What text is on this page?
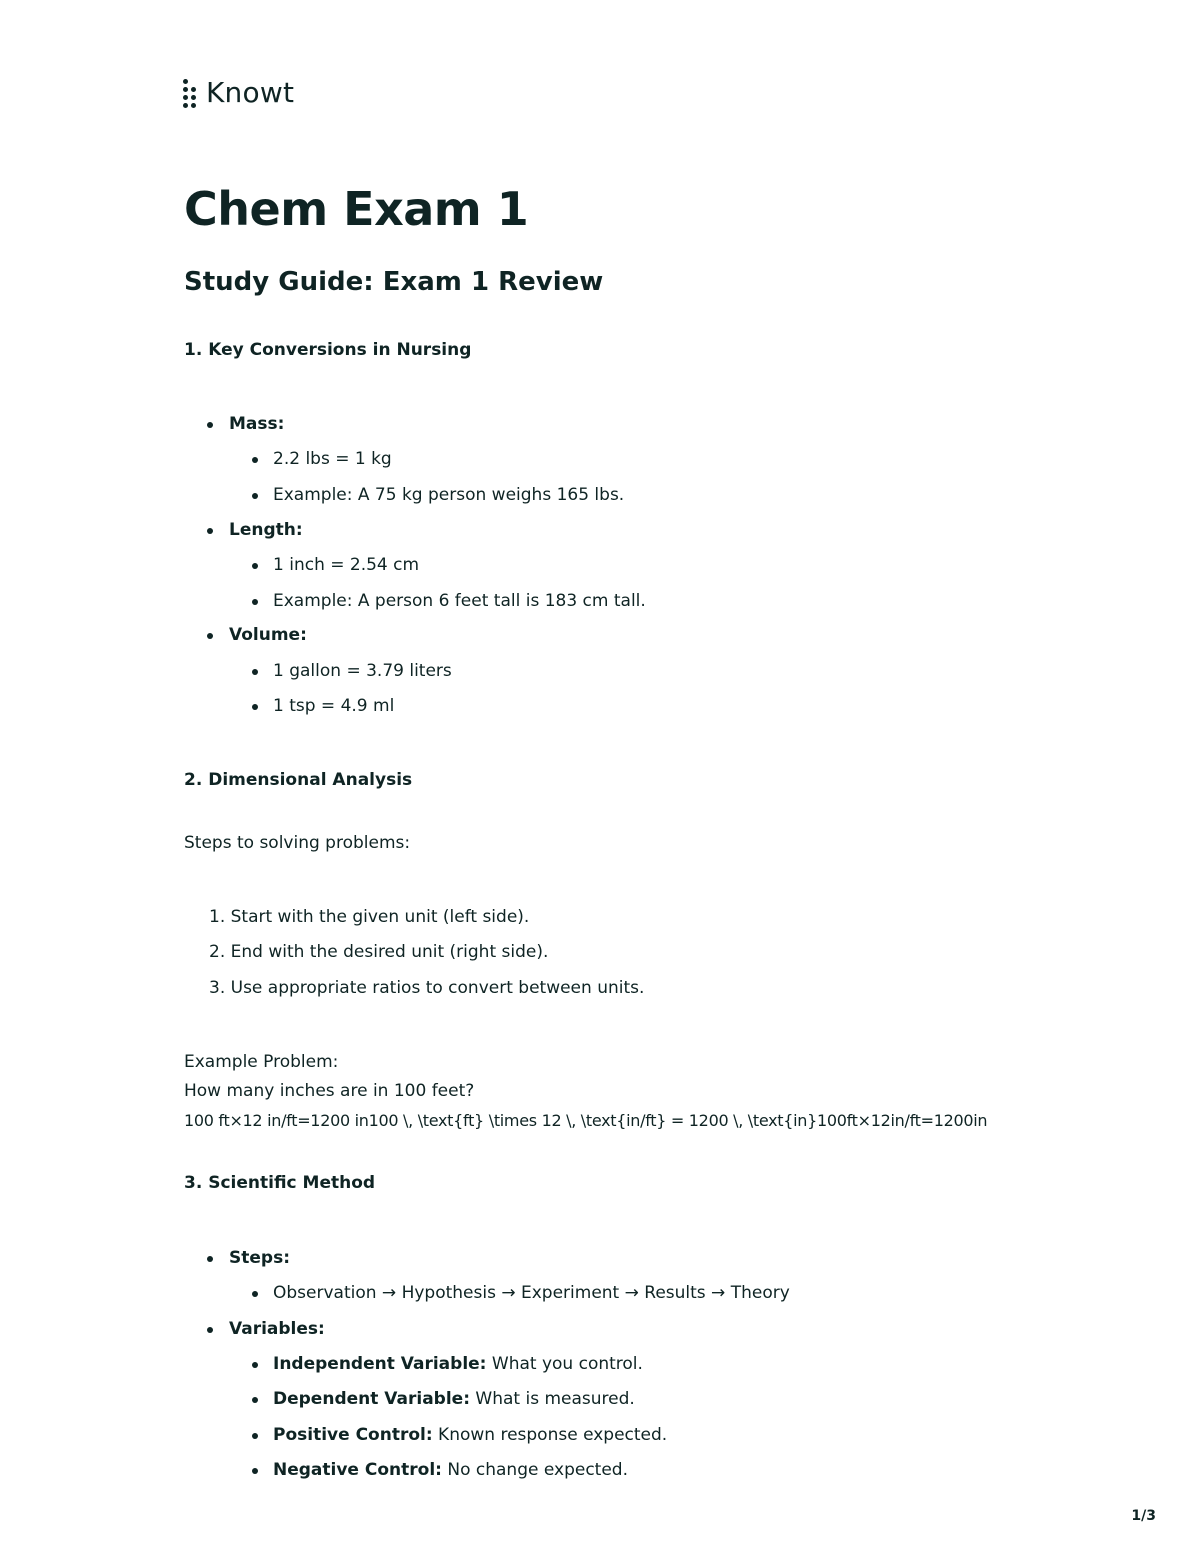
Knowt
Chem Exam 1
Study Guide: Exam 1 Review
1. Key Conversions in Nursing

Mass:

2.2 lbs = 1 kg

Example: A 75 kg person weighs 165 lbs.

Length:

1 inch = 2.54 cm

Example: A person 6 feet tall is 183 cm tall.

Volume:

1 gallon = 3.79 liters

1 tsp = 4.9 ml

2. Dimensional Analysis

Steps to solving problems:

1. Start with the given unit (left side).

2. End with the desired unit (right side).

3. Use appropriate ratios to convert between units.

Example Problem:

How many inches are in 100 feet?

100 ft×12 in/ft=1200 in100 \, \text{ft} \times 12 \, \text{in/ft} = 1200 \, \text{in}100ft×12in/ft=1200in

3. Scientific Method

Steps:

Observation → Hypothesis → Experiment → Results → Theory

Variables:

Independent Variable: What you control.

Dependent Variable: What is measured.

Positive Control: Known response expected.

Negative Control: No change expected.

1/3
